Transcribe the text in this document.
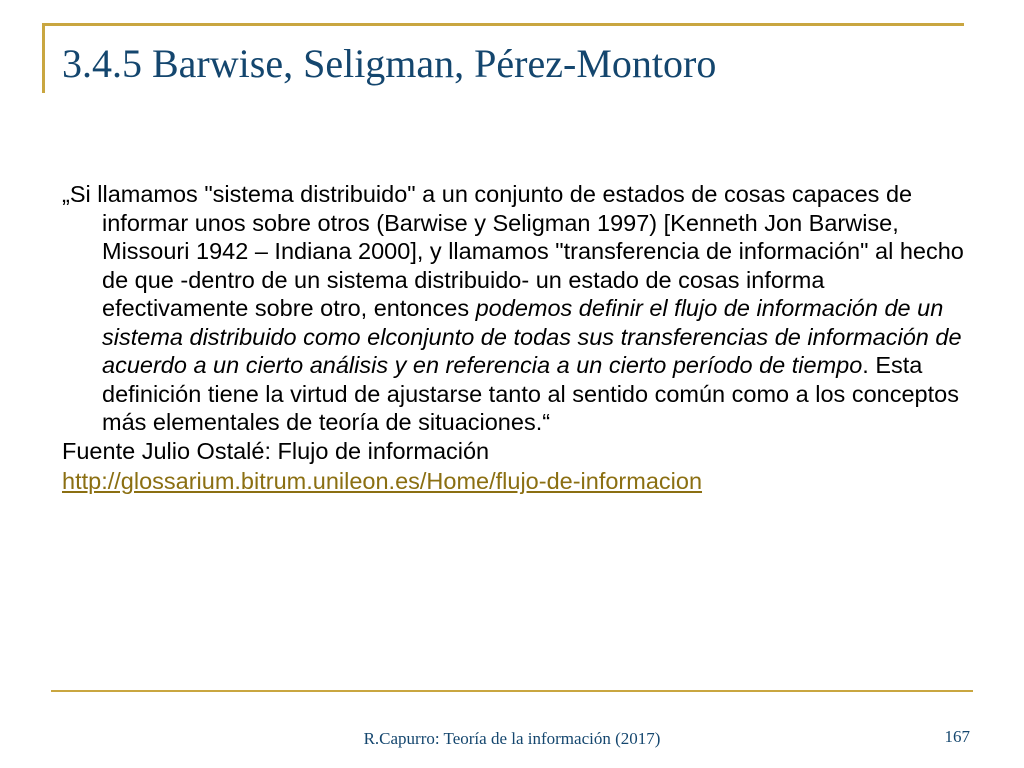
3.4.5 Barwise, Seligman, Pérez-Montoro

„Si llamamos "sistema distribuido" a un conjunto de estados de cosas capaces de informar unos sobre otros (Barwise y Seligman 1997) [Kenneth Jon Barwise, Missouri 1942 – Indiana 2000], y llamamos "transferencia de información" al hecho de que -dentro de un sistema distribuido- un estado de cosas informa efectivamente sobre otro, entonces podemos definir el flujo de información de un sistema distribuido como elconjunto de todas sus transferencias de información de acuerdo a un cierto análisis y en referencia a un cierto período de tiempo. Esta definición tiene la virtud de ajustarse tanto al sentido común como a los conceptos más elementales de teoría de situaciones.“

Fuente Julio Ostalé: Flujo de información

http://glossarium.bitrum.unileon.es/Home/flujo-de-informacion

R.Capurro: Teoría de la información (2017)	167
